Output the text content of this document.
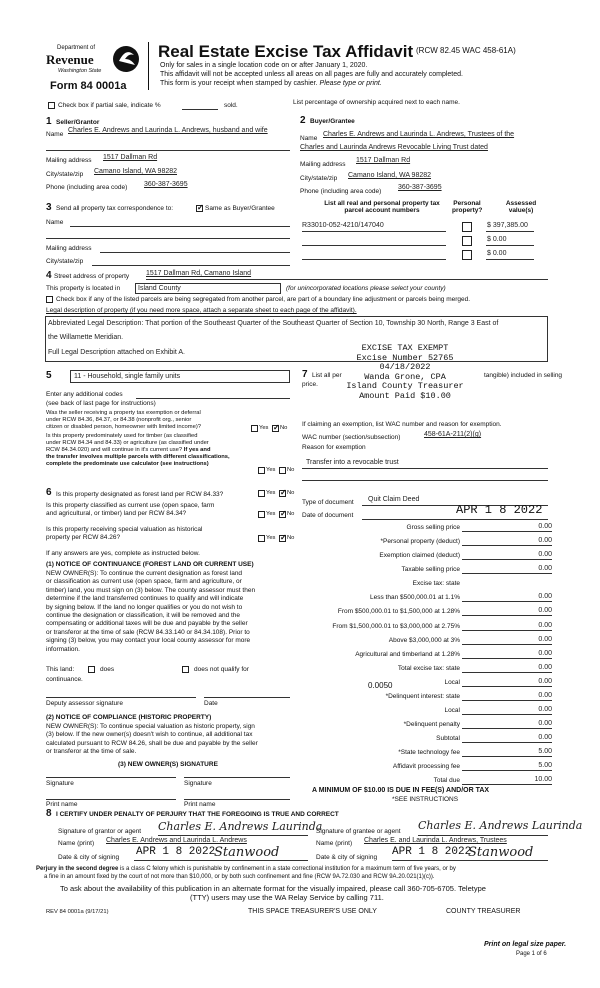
Department of
Revenue
Washington State
Form 84 0001a
Real Estate Excise Tax Affidavit (RCW 82.45 WAC 458-61A)
Only for sales in a single location code on or after January 1, 2020.
This affidavit will not be accepted unless all areas on all pages are fully and accurately completed.
This form is your receipt when stamped by cashier. Please type or print.
Check box if partial sale, indicate %	sold.	List percentage of ownership acquired next to each name.
1 Seller/Grantor
Name
Charles E. Andrews and Laurinda L. Andrews, husband and wife
Mailing address 1517 Dallman Rd
City/state/zip Camano Island, WA 98282
Phone (including area code) 360-387-3695
2 Buyer/Grantee
Name
Charles E. Andrews and Laurinda L. Andrews, Trustees of the
Charles and Laurinda Andrews Revocable Living Trust dated
Mailing address
1517 Dallman Rd
City/state/zip Camano Island, WA 98282
Phone (including area code)
360-387-3695
3 Send all property tax correspondence to: ✓	Same as Buyer/Grantee
Name
Mailing address
City/state/zip
List all real and personal property tax
parcel account numbers
Personal
property?
Assessed
value(s)
R33010-052-4210/147040	$ 397,385.00
$ 0.00
$ 0.00
4 Street address of property 1517 Dallman Rd, Camano Island
This property is located in	Island County	(for unincorporated locations please select your county)
Check box if any of the listed parcels are being segregated from another parcel, are part of a boundary line adjustment or parcels being merged.
Legal description of property (if you need more space, attach a separate sheet to each page of the affidavit).
Abbreviated Legal Description: That portion of the Southeast Quarter of the Southeast Quarter of Section 10, Township 30 North, Range 3 East of
the Willamette Meridian.
Full Legal Description attached on Exhibit A.	EXCISE TAX EXEMPT
Excise Number 52765
04/18/2022
Wanda Grone, CPA
Island County Treasurer
Amount Paid $10.00
5	11 - Household, single family units
Enter any additional codes
(see back of last page for instructions)
Was the seller receiving a property tax exemption or deferral
under RCW 84.36, 84.37, or 84.38 (nonprofit org., senior
citizen or disabled person, homeowner with limited income)?	Yes ✓ No
Is this property predominately used for timber (as classified
under RCW 84.34 and 84.33) or agriculture (as classified under
RCW 84.34.020) and will continue in it's current use? If yes and
the transfer involves multiple parcels with different classifications,
complete the predominate use calculator (see instructions)
Yes No
7 List all per	tangible) included in selling
price.
If claiming an exemption, list WAC number and reason for exemption.
WAC number (section/subsection)	458-61A-211(2)(g)
Reason for exemption
Transfer into a revocable trust
6 Is this property designated as forest land per RCW 84.33?	Yes ✓ No
Is this property classified as current use (open space, farm
and agricultural, or timber) land per RCW 84.34?	Yes ✓ No
Is this property receiving special valuation as historical
property per RCW 84.26?	Yes ✓ No
If any answers are yes, complete as instructed below.
(1) NOTICE OF CONTINUANCE (FOREST LAND OR CURRENT USE)
NEW OWNER(S): To continue the current designation as forest land
or classification as current use (open space, farm and agriculture, or
timber) land, you must sign on (3) below. The county assessor must then
determine if the land transferred continues to qualify and will indicate
by signing below. If the land no longer qualifies or you do not wish to
continue the designation or classification, it will be removed and the
compensating or additional taxes will be due and payable by the seller
or transferor at the time of sale (RCW 84.33.140 or 84.34.108). Prior to
signing (3) below, you may contact your local county assessor for more
information.
This land:	does	does not qualify for
continuance.
Deputy assessor signature	Date
(2) NOTICE OF COMPLIANCE (HISTORIC PROPERTY)
NEW OWNER(S): To continue special valuation as historic property, sign
(3) below. If the new owner(s) doesn't wish to continue, all additional tax
calculated pursuant to RCW 84.26, shall be due and payable by the seller
or transferor at the time of sale.
(3) NEW OWNER(S) SIGNATURE
Signature	Signature
Print name	Print name
Type of document Quit Claim Deed
Date of document	APR 1 8 2022
Gross selling price	0.00
*Personal property (deduct)	0.00
Exemption claimed (deduct)	0.00
Taxable selling price	0.00
Excise tax: state
Less than $500,000.01 at 1.1%	0.00
From $500,000.01 to $1,500,000 at 1.28%	0.00
From $1,500,000.01 to $3,000,000 at 2.75%	0.00
Above $3,000,000 at 3%	0.00
Agricultural and timberland at 1.28%	0.00
Total excise tax: state	0.00
Local	0.00
*Delinquent interest: state	0.00
Local	0.00
*Delinquent penalty	0.00
Subtotal	0.00
*State technology fee	5.00
Affidavit processing fee	5.00
Total due	10.00
0.0050
A MINIMUM OF $10.00 IS DUE IN FEE(S) AND/OR TAX
*SEE INSTRUCTIONS
8 I CERTIFY UNDER PENALTY OF PERJURY THAT THE FOREGOING IS TRUE AND CORRECT
Signature of grantor or agent Charles E. Andrews Laurinda
Signature of grantee or agent Charles E. Andrews Laurinda
Name (print) Charles E. Andrews and Laurinda L. Andrews	Name (print) Charles E. and Laurinda L. Andrews, Trustees
Date & city of signing APR 1 8 2022
Stanwood	Date & city of signing APR 1 8 2022
Stanwood
Perjury in the second degree is a class C felony which is punishable by confinement in a state correctional institution for a maximum term of five years, or by
a fine in an amount fixed by the court of not more than $10,000, or by both such confinement and fine (RCW 9A.72.030 and RCW 9A.20.021(1)(c)).
To ask about the availability of this publication in an alternate format for the visually impaired, please call 360-705-6705. Teletype
(TTY) users may use the WA Relay Service by calling 711.
REV 84 0001a (9/17/21)	THIS SPACE TREASURER'S USE ONLY	COUNTY TREASURER
Print on legal size paper.
Page 1 of 6
